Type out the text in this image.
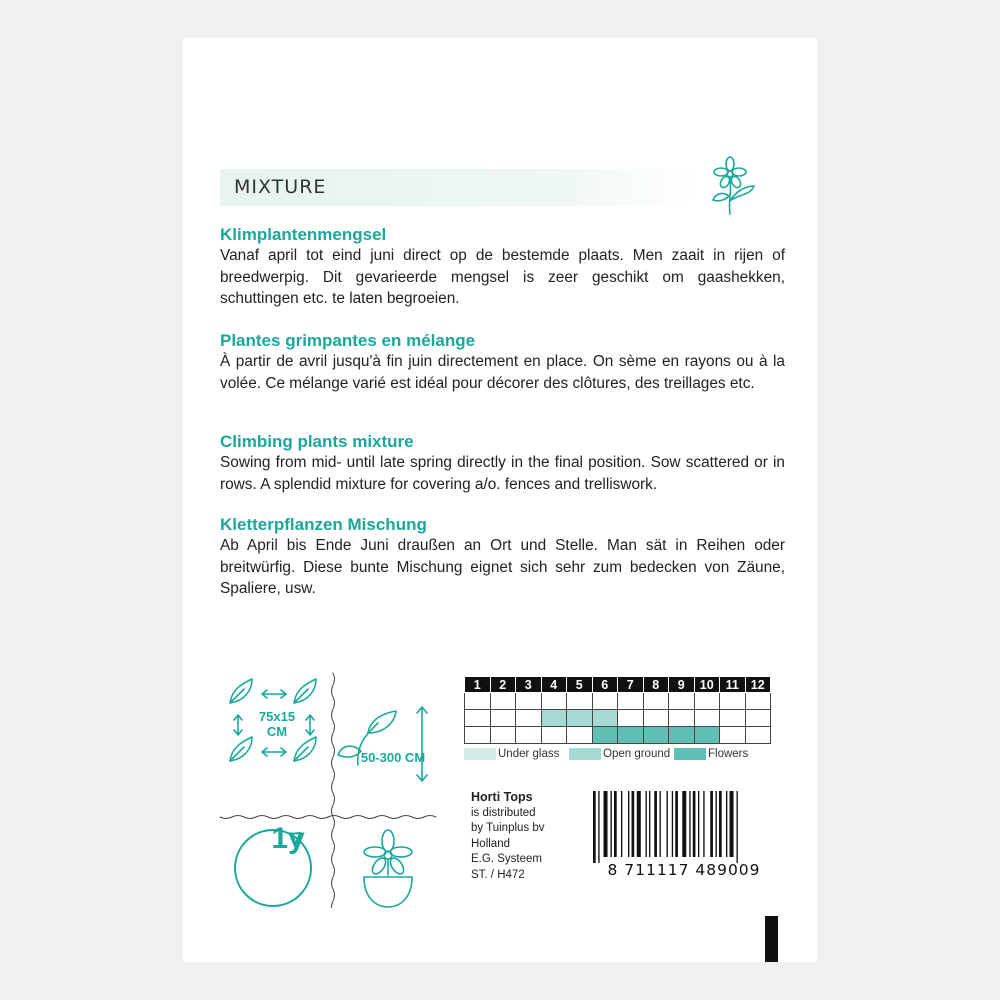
MIXTURE
Klimplantenmengsel

Vanaf april tot eind juni direct op de bestemde plaats. Men zaait in rijen of breedwerpig. Dit gevarieerde mengsel is zeer geschikt om gaashekken, schuttingen etc. te laten begroeien.

Plantes grimpantes en mélange

À partir de avril jusqu'à fin juin directement en place. On sème en rayons ou à la volée. Ce mélange varié est idéal pour décorer des clôtures, des treillages etc.

Climbing plants mixture

Sowing from mid- until late spring directly in the final position. Sow scattered or in rows. A splendid mixture for covering a/o. fences and trelliswork.

Kletterpflanzen Mischung

Ab April bis Ende Juni draußen an Ort und Stelle. Man sät in Reihen oder breitwürfig. Diese bunte Mischung eignet sich sehr zum bedecken von Zäune, Spaliere, usw.

75x15 CM
50-300 CM
1y
1	2	3	4	5	6	7	8	9	10	11	12

Under glass	Open ground	Flowers
Horti Tops
is distributed
by Tuinplus bv
Holland
E.G. Systeem
ST. / H472	8 711117 489009
